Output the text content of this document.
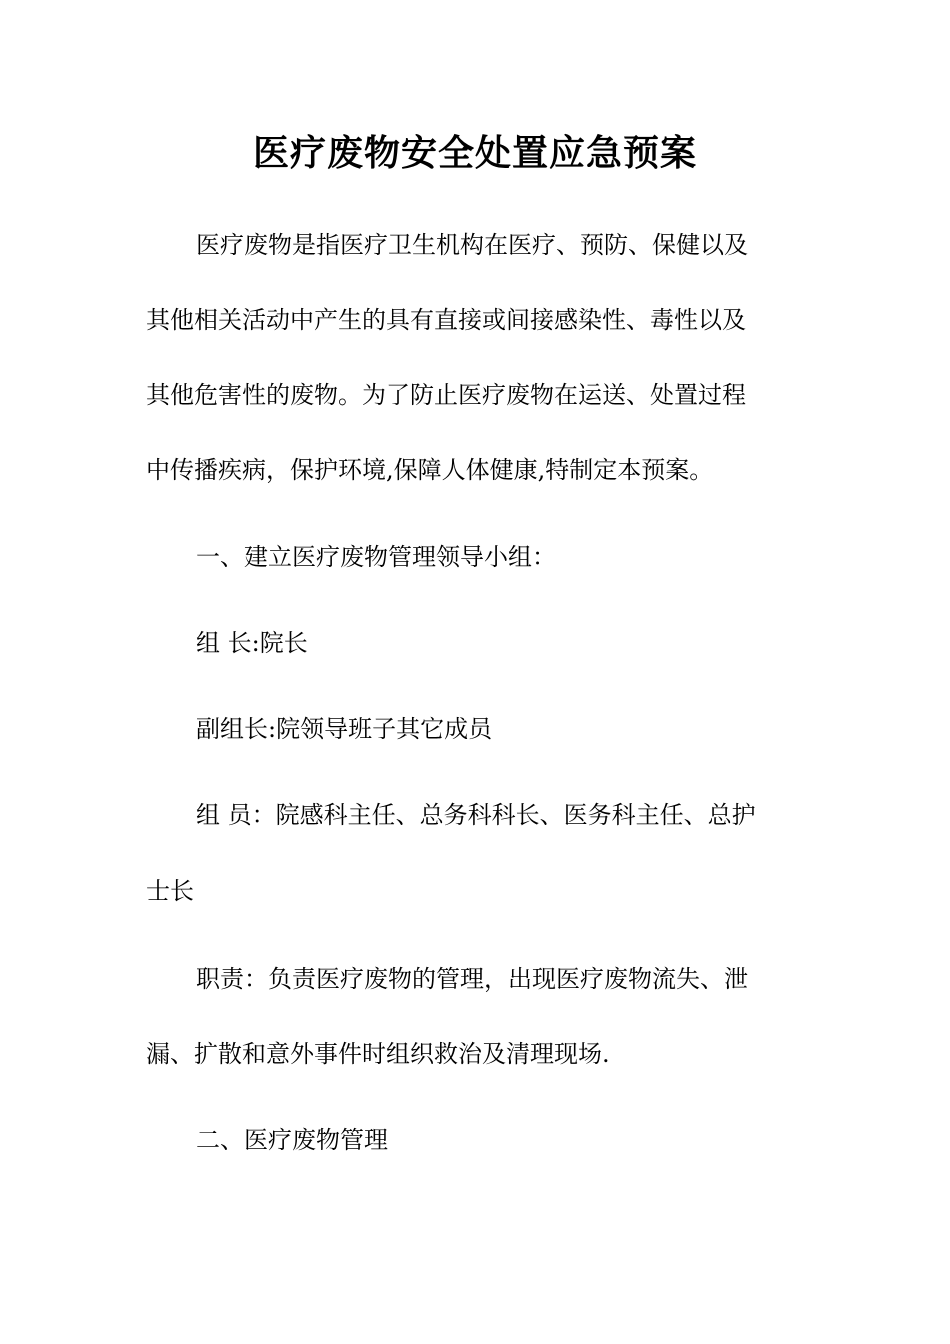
医疗废物安全处置应急预案
医疗废物是指医疗卫生机构在医疗、预防、保健以及
其他相关活动中产生的具有直接或间接感染性、毒性以及
其他危害性的废物。为了防止医疗废物在运送、处置过程
中传播疾病，保护环境,保障人体健康,特制定本预案。
一、建立医疗废物管理领导小组：
组 长:院长
副组长:院领导班子其它成员
组 员：院感科主任、总务科科长、医务科主任、总护
士长
职责：负责医疗废物的管理，出现医疗废物流失、泄
漏、扩散和意外事件时组织救治及清理现场.
二、医疗废物管理
